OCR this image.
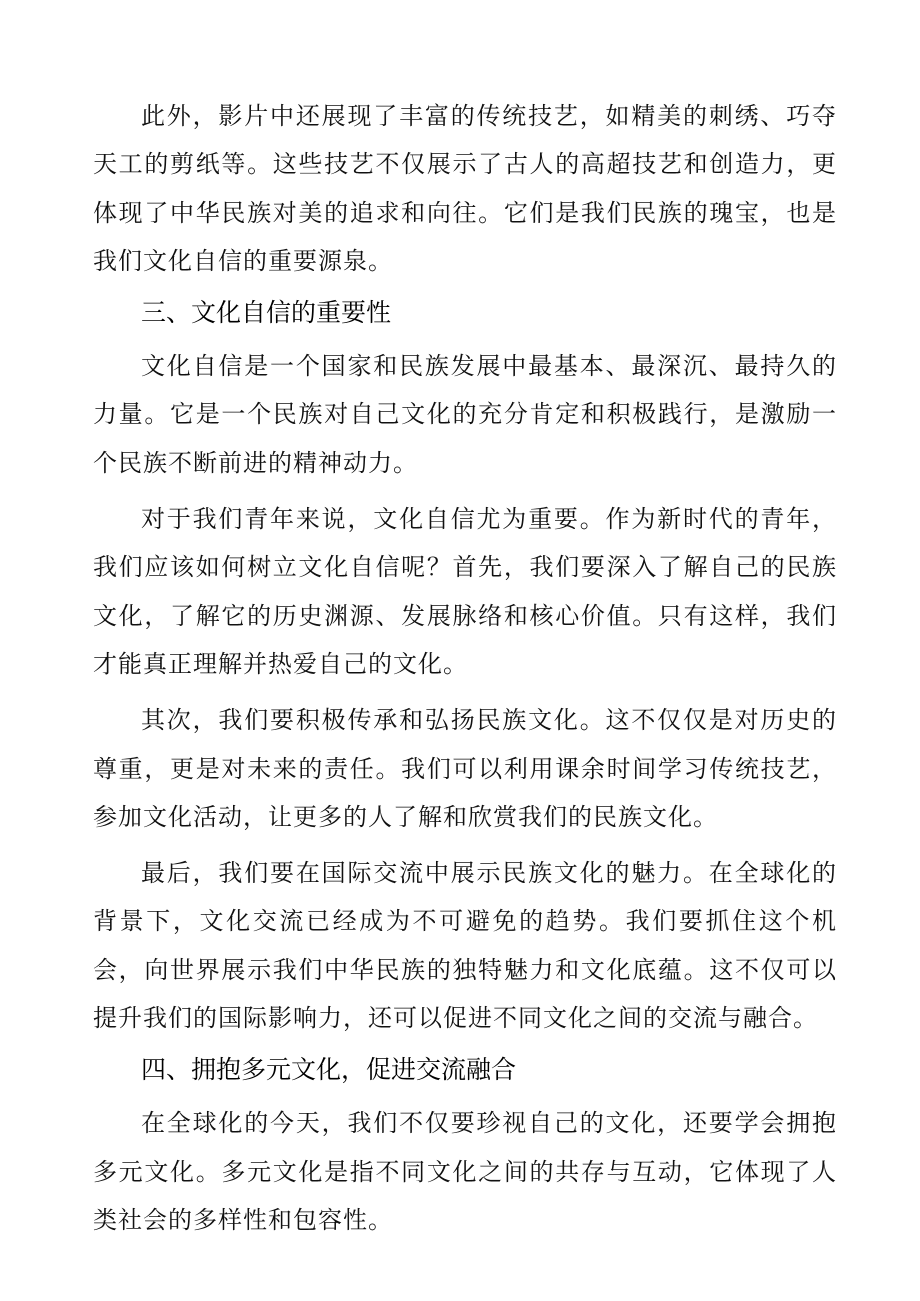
此外，影片中还展现了丰富的传统技艺，如精美的刺绣、巧夺天工的剪纸等。这些技艺不仅展示了古人的高超技艺和创造力，更体现了中华民族对美的追求和向往。它们是我们民族的瑰宝，也是我们文化自信的重要源泉。

三、文化自信的重要性

文化自信是一个国家和民族发展中最基本、最深沉、最持久的力量。它是一个民族对自己文化的充分肯定和积极践行，是激励一个民族不断前进的精神动力。

对于我们青年来说，文化自信尤为重要。作为新时代的青年，我们应该如何树立文化自信呢？首先，我们要深入了解自己的民族文化，了解它的历史渊源、发展脉络和核心价值。只有这样，我们才能真正理解并热爱自己的文化。

其次，我们要积极传承和弘扬民族文化。这不仅仅是对历史的尊重，更是对未来的责任。我们可以利用课余时间学习传统技艺，参加文化活动，让更多的人了解和欣赏我们的民族文化。

最后，我们要在国际交流中展示民族文化的魅力。在全球化的背景下，文化交流已经成为不可避免的趋势。我们要抓住这个机会，向世界展示我们中华民族的独特魅力和文化底蕴。这不仅可以提升我们的国际影响力，还可以促进不同文化之间的交流与融合。

四、拥抱多元文化，促进交流融合

在全球化的今天，我们不仅要珍视自己的文化，还要学会拥抱多元文化。多元文化是指不同文化之间的共存与互动，它体现了人类社会的多样性和包容性。
